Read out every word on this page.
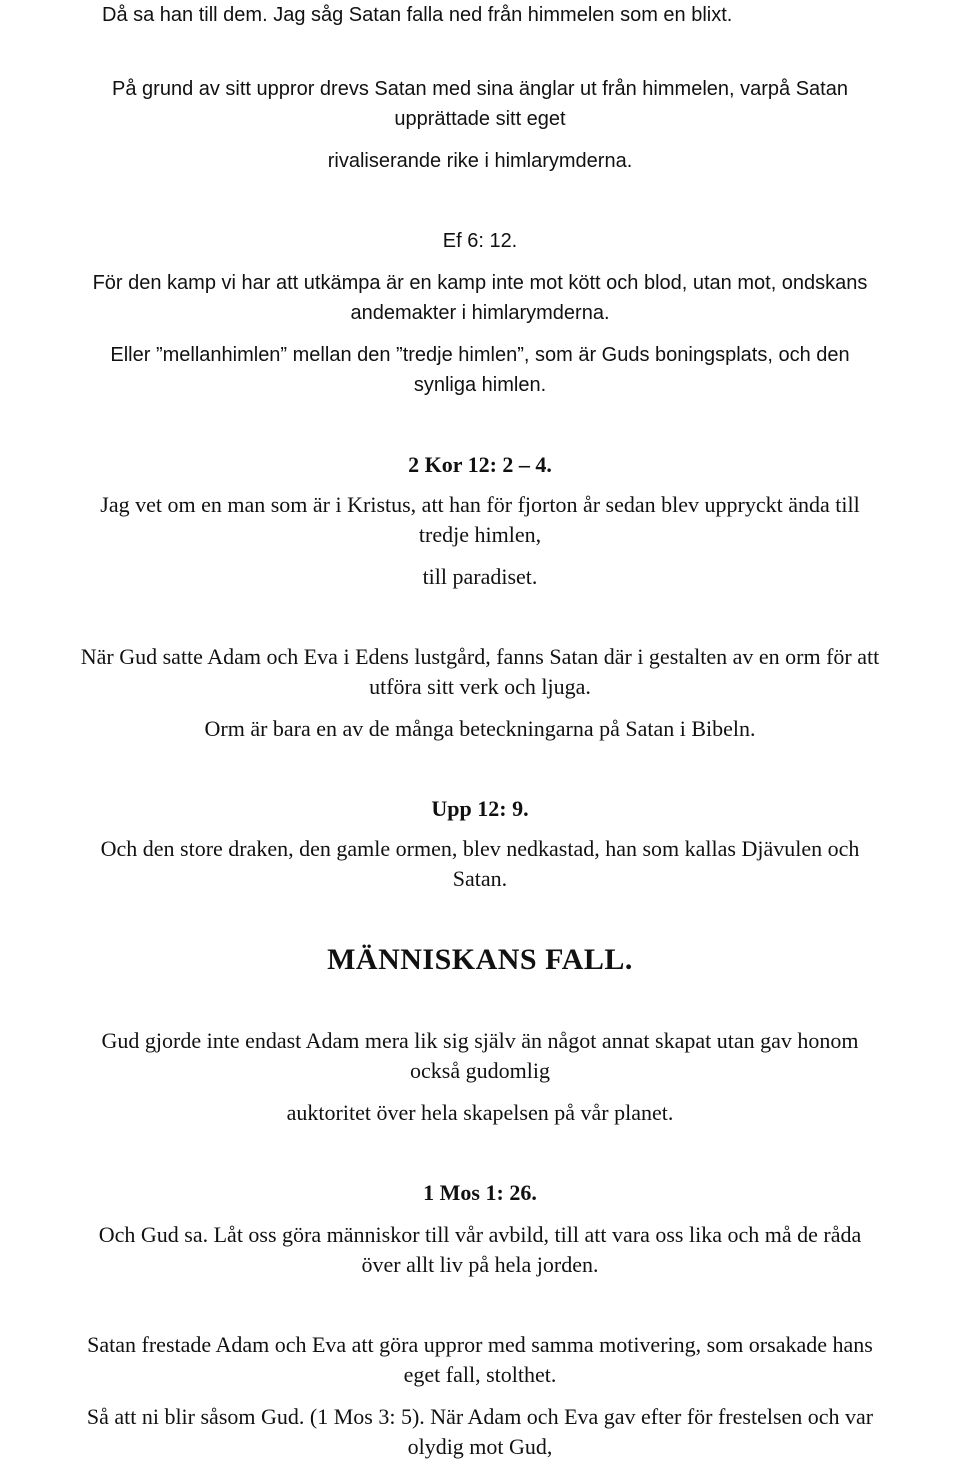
Då sa han till dem. Jag såg Satan falla ned från himmelen som en blixt.

På grund av sitt uppror drevs Satan med sina änglar ut från himmelen, varpå Satan

upprättade sitt eget

rivaliserande rike i himlarymderna.

Ef 6: 12.

För den kamp vi har att utkämpa är en kamp inte mot kött och blod, utan mot, ondskans

andemakter i himlarymderna.

Eller ”mellanhimlen” mellan den ”tredje himlen”, som är Guds boningsplats, och den

synliga himlen.

2 Kor 12: 2 – 4.

Jag vet om en man som är i Kristus, att han för fjorton år sedan blev uppryckt ända till

tredje himlen,

till paradiset.

När Gud satte Adam och Eva i Edens lustgård, fanns Satan där i gestalten av en orm för att

utföra sitt verk och ljuga.

Orm är bara en av de många beteckningarna på Satan i Bibeln.

Upp 12: 9.

Och den store draken, den gamle ormen, blev nedkastad, han som kallas Djävulen och

Satan.

MÄNNISKANS FALL.

Gud gjorde inte endast Adam mera lik sig själv än något annat skapat utan gav honom

också gudomlig

auktoritet över hela skapelsen på vår planet.

1 Mos 1: 26.

Och Gud sa. Låt oss göra människor till vår avbild, till att vara oss lika och må de råda

över allt liv på hela jorden.

Satan frestade Adam och Eva att göra uppror med samma motivering, som orsakade hans

eget fall, stolthet.

Så att ni blir såsom Gud. (1 Mos 3: 5). När Adam och Eva gav efter för frestelsen och var

olydig mot Gud,
